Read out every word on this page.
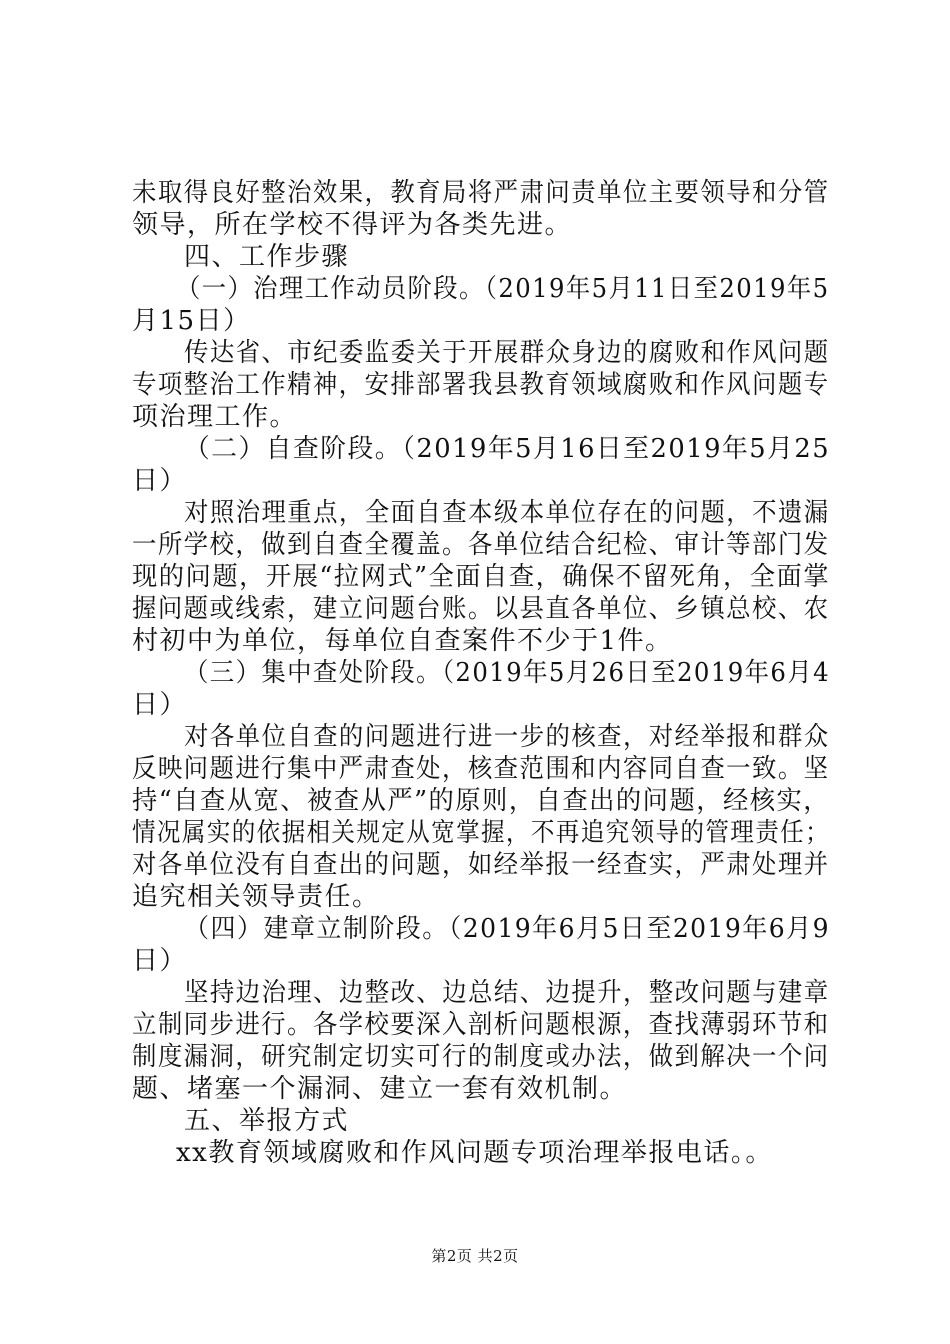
未取得良好整治效果，教育局将严肃问责单位主要领导和分管
领导，所在学校不得评为各类先进。
四、工作步骤
（一）治理工作动员阶段。（2019年5月11日至2019年5
月15日）
传达省、市纪委监委关于开展群众身边的腐败和作风问题
专项整治工作精神，安排部署我县教育领域腐败和作风问题专
项治理工作。
（二）自查阶段。（2019年5月16日至2019年5月25
日）
对照治理重点，全面自查本级本单位存在的问题，不遗漏
一所学校，做到自查全覆盖。各单位结合纪检、审计等部门发
现的问题，开展“拉网式”全面自查，确保不留死角，全面掌
握问题或线索，建立问题台账。以县直各单位、乡镇总校、农
村初中为单位，每单位自查案件不少于1件。
（三）集中查处阶段。（2019年5月26日至2019年6月4
日）
对各单位自查的问题进行进一步的核查，对经举报和群众
反映问题进行集中严肃查处，核查范围和内容同自查一致。坚
持“自查从宽、被查从严”的原则，自查出的问题，经核实，
情况属实的依据相关规定从宽掌握，不再追究领导的管理责任；
对各单位没有自查出的问题，如经举报一经查实，严肃处理并
追究相关领导责任。
（四）建章立制阶段。（2019年6月5日至2019年6月9
日）
坚持边治理、边整改、边总结、边提升，整改问题与建章
立制同步进行。各学校要深入剖析问题根源，查找薄弱环节和
制度漏洞，研究制定切实可行的制度或办法，做到解决一个问
题、堵塞一个漏洞、建立一套有效机制。
五、举报方式
xx教育领域腐败和作风问题专项治理举报电话。。
第2页 共2页
